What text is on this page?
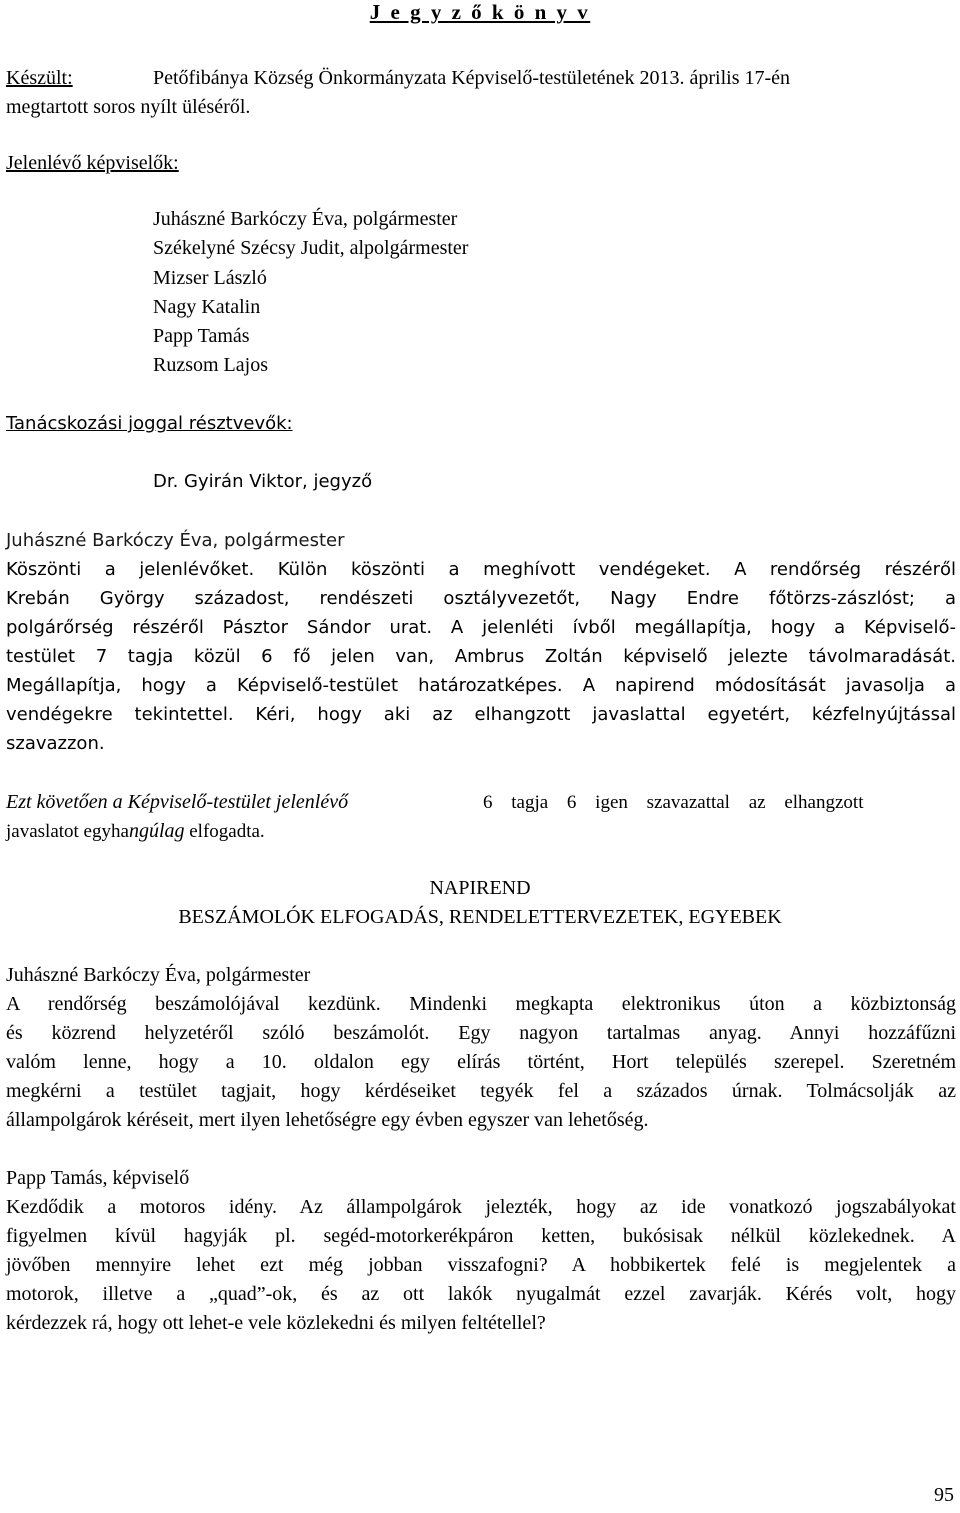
J e g y z ő k ö n y v
Készült:	Petőfibánya Község Önkormányzata Képviselő-testületének 2013. április 17-én
megtartott soros nyílt üléséről.
Jelenlévő képviselők:
Juhászné Barkóczy Éva, polgármester
Székelyné Szécsy Judit, alpolgármester
Mizser László
Nagy Katalin
Papp Tamás
Ruzsom Lajos
Tanácskozási joggal résztvevők:
Dr. Gyirán Viktor, jegyző
Juhászné Barkóczy Éva, polgármester
Köszönti a jelenlévőket. Külön köszönti a meghívott vendégeket. A rendőrség részéről
Krebán György századost, rendészeti osztályvezetőt, Nagy Endre főtörzs-zászlóst; a
polgárőrség részéről Pásztor Sándor urat. A jelenléti ívből megállapítja, hogy a Képviselő-
testület 7 tagja közül 6 fő jelen van, Ambrus Zoltán képviselő jelezte távolmaradását.
Megállapítja, hogy a Képviselő-testület határozatképes. A napirend módosítását javasolja a
vendégekre tekintettel. Kéri, hogy aki az elhangzott javaslattal egyetért, kézfelnyújtással
szavazzon.
Ezt követően a Képviselő-testület jelenlévő	6 tagja 6 igen szavazattal az elhangzott
javaslatot egyhangúlag elfogadta.
NAPIREND
BESZÁMOLÓK ELFOGADÁS, RENDELETTERVEZETEK, EGYEBEK
Juhászné Barkóczy Éva, polgármester
A rendőrség beszámolójával kezdünk. Mindenki megkapta elektronikus úton a közbiztonság
és közrend helyzetéről szóló beszámolót. Egy nagyon tartalmas anyag. Annyi hozzáfűzni
valóm lenne, hogy a 10. oldalon egy elírás történt, Hort település szerepel. Szeretném
megkérni a testület tagjait, hogy kérdéseiket tegyék fel a százados úrnak. Tolmácsolják az
állampolgárok kéréseit, mert ilyen lehetőségre egy évben egyszer van lehetőség.
Papp Tamás, képviselő
Kezdődik a motoros idény. Az állampolgárok jelezték, hogy az ide vonatkozó jogszabályokat
figyelmen kívül hagyják pl. segéd-motorkerékpáron ketten, bukósisak nélkül közlekednek. A
jövőben mennyire lehet ezt még jobban visszafogni? A hobbikertek felé is megjelentek a
motorok, illetve a „quad”-ok, és az ott lakók nyugalmát ezzel zavarják. Kérés volt, hogy
kérdezzek rá, hogy ott lehet-e vele közlekedni és milyen feltétellel?
95
